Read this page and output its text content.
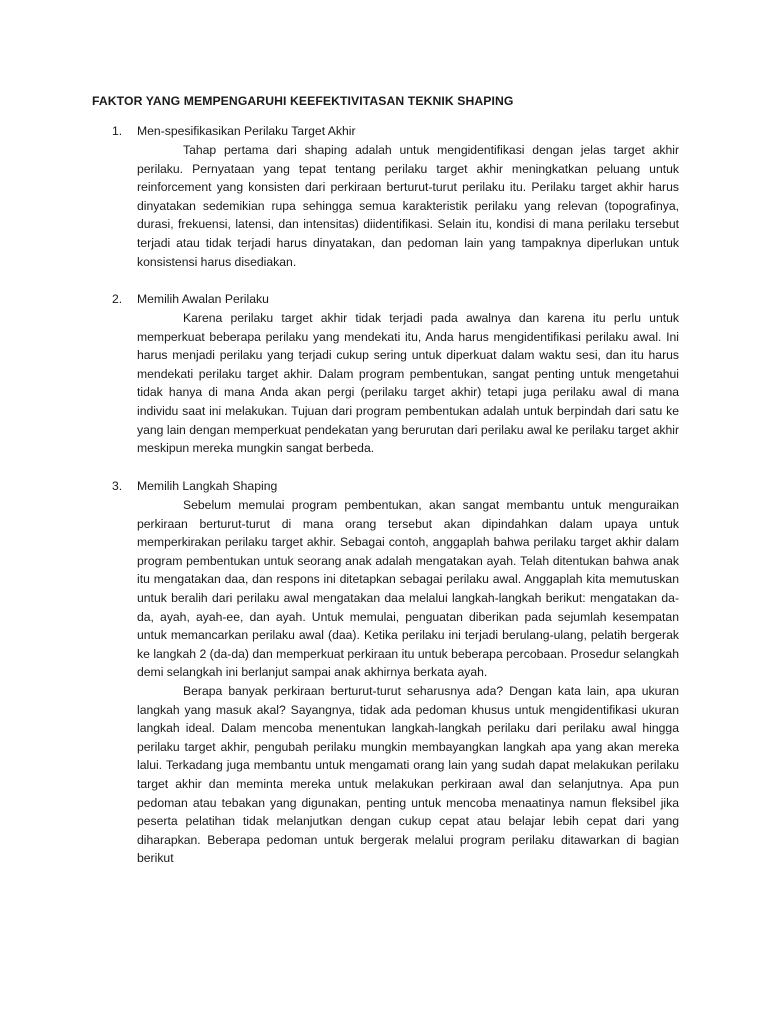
FAKTOR YANG MEMPENGARUHI KEEFEKTIVITASAN TEKNIK SHAPING
1.	Men-spesifikasikan Perilaku Target Akhir
Tahap pertama dari shaping adalah untuk mengidentifikasi dengan jelas target akhir perilaku. Pernyataan yang tepat tentang perilaku target akhir meningkatkan peluang untuk reinforcement yang konsisten dari perkiraan berturut-turut perilaku itu. Perilaku target akhir harus dinyatakan sedemikian rupa sehingga semua karakteristik perilaku yang relevan (topografinya, durasi, frekuensi, latensi, dan intensitas) diidentifikasi. Selain itu, kondisi di mana perilaku tersebut terjadi atau tidak terjadi harus dinyatakan, dan pedoman lain yang tampaknya diperlukan untuk konsistensi harus disediakan.
2.	Memilih Awalan Perilaku
Karena perilaku target akhir tidak terjadi pada awalnya dan karena itu perlu untuk memperkuat beberapa perilaku yang mendekati itu, Anda harus mengidentifikasi perilaku awal. Ini harus menjadi perilaku yang terjadi cukup sering untuk diperkuat dalam waktu sesi, dan itu harus mendekati perilaku target akhir. Dalam program pembentukan, sangat penting untuk mengetahui tidak hanya di mana Anda akan pergi (perilaku target akhir) tetapi juga perilaku awal di mana individu saat ini melakukan. Tujuan dari program pembentukan adalah untuk berpindah dari satu ke yang lain dengan memperkuat pendekatan yang berurutan dari perilaku awal ke perilaku target akhir meskipun mereka mungkin sangat berbeda.
3.	Memilih Langkah Shaping
Sebelum memulai program pembentukan, akan sangat membantu untuk menguraikan perkiraan berturut-turut di mana orang tersebut akan dipindahkan dalam upaya untuk memperkirakan perilaku target akhir. Sebagai contoh, anggaplah bahwa perilaku target akhir dalam program pembentukan untuk seorang anak adalah mengatakan ayah. Telah ditentukan bahwa anak itu mengatakan daa, dan respons ini ditetapkan sebagai perilaku awal. Anggaplah kita memutuskan untuk beralih dari perilaku awal mengatakan daa melalui langkah-langkah berikut: mengatakan da-da, ayah, ayah-ee, dan ayah. Untuk memulai, penguatan diberikan pada sejumlah kesempatan untuk memancarkan perilaku awal (daa). Ketika perilaku ini terjadi berulang-ulang, pelatih bergerak ke langkah 2 (da-da) dan memperkuat perkiraan itu untuk beberapa percobaan. Prosedur selangkah demi selangkah ini berlanjut sampai anak akhirnya berkata ayah.
Berapa banyak perkiraan berturut-turut seharusnya ada? Dengan kata lain, apa ukuran langkah yang masuk akal? Sayangnya, tidak ada pedoman khusus untuk mengidentifikasi ukuran langkah ideal. Dalam mencoba menentukan langkah-langkah perilaku dari perilaku awal hingga perilaku target akhir, pengubah perilaku mungkin membayangkan langkah apa yang akan mereka lalui. Terkadang juga membantu untuk mengamati orang lain yang sudah dapat melakukan perilaku target akhir dan meminta mereka untuk melakukan perkiraan awal dan selanjutnya. Apa pun pedoman atau tebakan yang digunakan, penting untuk mencoba menaatinya namun fleksibel jika peserta pelatihan tidak melanjutkan dengan cukup cepat atau belajar lebih cepat dari yang diharapkan. Beberapa pedoman untuk bergerak melalui program perilaku ditawarkan di bagian berikut
